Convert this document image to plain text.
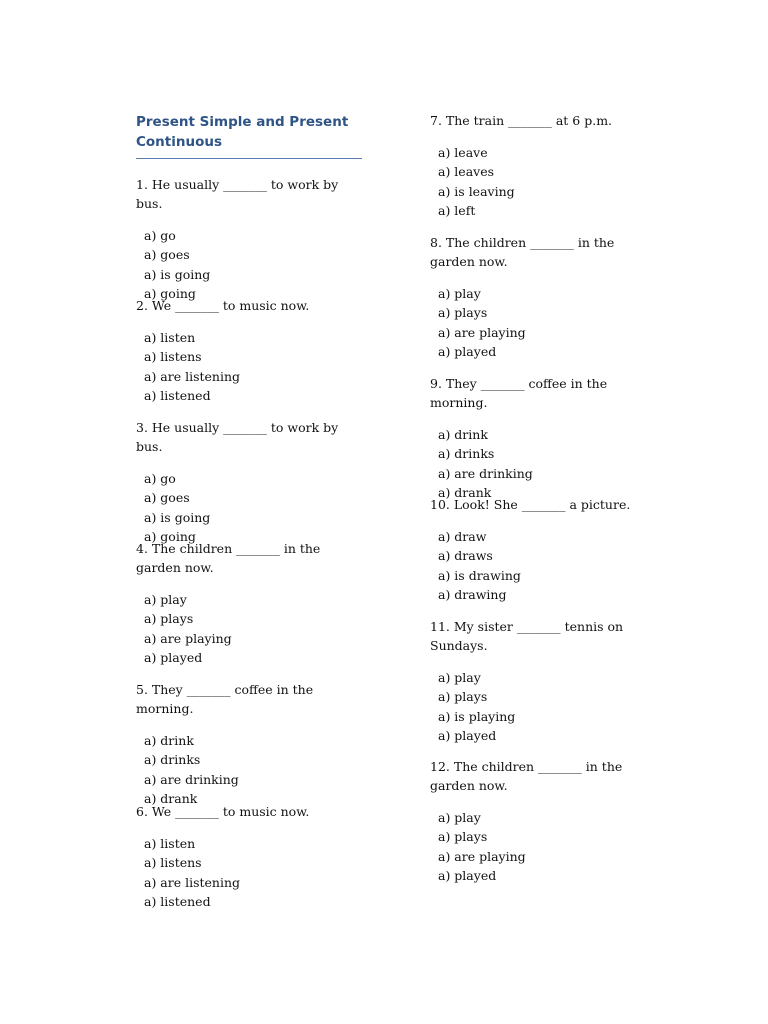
Present Simple and Present Continuous

1. He usually _______ to work by bus.

a) go
a) goes
a) is going
a) going

2. We _______ to music now.

a) listen
a) listens
a) are listening
a) listened

3. He usually _______ to work by bus.

a) go
a) goes
a) is going
a) going

4. The children _______ in the garden now.

a) play
a) plays
a) are playing
a) played

5. They _______ coffee in the morning.

a) drink
a) drinks
a) are drinking
a) drank

6. We _______ to music now.

a) listen
a) listens
a) are listening
a) listened

7. The train _______ at 6 p.m.

a) leave
a) leaves
a) is leaving
a) left

8. The children _______ in the garden now.

a) play
a) plays
a) are playing
a) played

9. They _______ coffee in the morning.

a) drink
a) drinks
a) are drinking
a) drank

10. Look! She _______ a picture.

a) draw
a) draws
a) is drawing
a) drawing

11. My sister _______ tennis on Sundays.

a) play
a) plays
a) is playing
a) played

12. The children _______ in the garden now.

a) play
a) plays
a) are playing
a) played
